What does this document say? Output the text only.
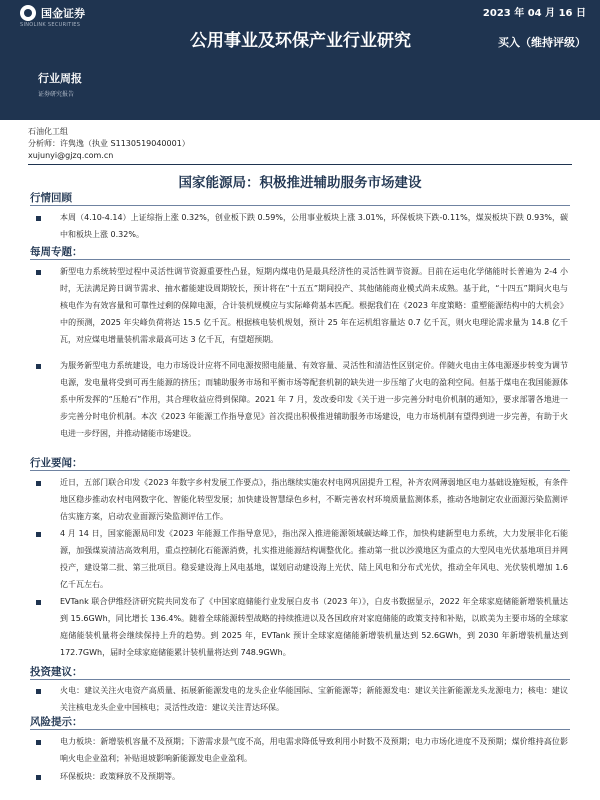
国金证券
SINOLINK SECURITIES
2023 年 04 月 16 日
公用事业及环保产业行业研究	买入（维持评级）
行业周报
证券研究报告
石油化工组
分析师：许隽逸（执业 S1130519040001）
xujunyi@gjzq.com.cn
国家能源局：积极推进辅助服务市场建设
行情回顾
本周（4.10-4.14）上证综指上涨 0.32%，创业板下跌 0.59%，公用事业板块上涨 3.01%，环保板块下跌-0.11%，煤炭板块下跌 0.93%，碳中和板块上涨 0.32%。
每周专题：
新型电力系统转型过程中灵活性调节资源重要性凸显，短期内煤电仍是最具经济性的灵活性调节资源。目前在运电化学储能时长普遍为 2-4 小时，无法满足跨日调节需求、抽水蓄能建设周期较长，预计将在“十五五”期间投产、其他储能商业模式尚未成熟。基于此，“十四五”期间火电与核电作为有效容量和可靠性过剩的保障电源，合计装机规模应与实际峰荷基本匹配。根据我们在《2023 年度策略：重塑能源结构中的大机会》中的预测，2025 年尖峰负荷将达 15.5 亿千瓦。根据核电装机规划，预计 25 年在运机组容量达 0.7 亿千瓦，则火电理论需求量为 14.8 亿千瓦，对应煤电增量装机需求最高可达 3 亿千瓦，有望超预期。
为服务新型电力系统建设，电力市场设计应将不同电源按照电能量、有效容量、灵活性和清洁性区别定价。伴随火电由主体电源逐步转变为调节电源，发电量将受到可再生能源的挤压；而辅助服务市场和平衡市场等配套机制的缺失进一步压缩了火电的盈利空间。但基于煤电在我国能源体系中所发挥的“压舱石”作用，其合理收益应得到保障。2021 年 7 月，发改委印发《关于进一步完善分时电价机制的通知》，要求部署各地进一步完善分时电价机制。本次《2023 年能源工作指导意见》首次提出积极推进辅助服务市场建设，电力市场机制有望得到进一步完善，有助于火电进一步纾困，并推动储能市场建设。
行业要闻：
近日，五部门联合印发《2023 年数字乡村发展工作要点》，指出继续实施农村电网巩固提升工程，补齐农网薄弱地区电力基础设施短板，有条件地区稳步推动农村电网数字化、智能化转型发展；加快建设智慧绿色乡村，不断完善农村环境质量监测体系，推动各地制定农业面源污染监测评估实施方案，启动农业面源污染监测评估工作。
4 月 14 日，国家能源局印发《2023 年能源工作指导意见》，指出深入推进能源领域碳达峰工作，加快构建新型电力系统，大力发展非化石能源，加强煤炭清洁高效利用，重点控制化石能源消费，扎实推进能源结构调整优化。推动第一批以沙漠地区为重点的大型风电光伏基地项目并网投产，建设第二批、第三批项目。稳妥建设海上风电基地，谋划启动建设海上光伏、陆上风电和分布式光伏，推动全年风电、光伏装机增加 1.6 亿千瓦左右。
EVTank 联合伊维经济研究院共同发布了《中国家庭储能行业发展白皮书（2023 年）》，白皮书数据显示，2022 年全球家庭储能新增装机量达到 15.6GWh，同比增长 136.4%。随着全球能源转型战略的持续推进以及各国政府对家庭储能的政策支持和补贴，以欧美为主要市场的全球家庭储能装机量将会继续保持上升的趋势。到 2025 年，EVTank 预计全球家庭储能新增装机量达到 52.6GWh，到 2030 年新增装机量达到 172.7GWh，届时全球家庭储能累计装机量将达到 748.9GWh。
投资建议：
火电：建议关注火电资产高质量、拓展新能源发电的龙头企业华能国际、宝新能源等；新能源发电：建议关注新能源龙头龙源电力；核电：建议关注核电龙头企业中国核电；灵活性改造：建议关注青达环保。
风险提示：
电力板块：新增装机容量不及预期；下游需求景气度不高，用电需求降低导致利用小时数不及预期；电力市场化进度不及预期；煤价维持高位影响火电企业盈利；补贴退坡影响新能源发电企业盈利。
环保板块：政策释放不及预期等。
